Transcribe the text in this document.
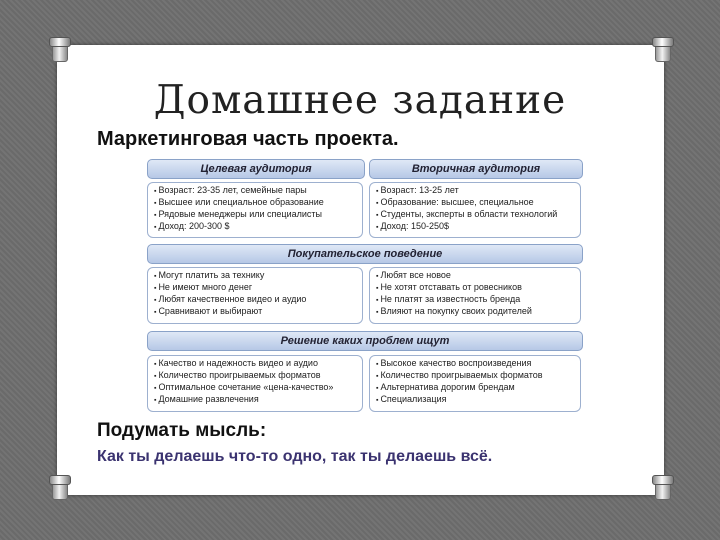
Домашнее задание
Маркетинговая часть проекта.
Целевая аудитория	Вторичная аудитория
▪ Возраст: 23-35 лет, семейные пары
▪ Высшее или специальное образование
▪ Рядовые менеджеры или специалисты
▪ Доход: 200-300 $
▪ Возраст: 13-25 лет
▪ Образование: высшее, специальное
▪ Студенты, эксперты в области технологий
▪ Доход: 150-250$
Покупательское поведение
▪ Могут платить за технику
▪ Не имеют много денег
▪ Любят качественное видео и аудио
▪ Сравнивают и выбирают
▪ Любят все новое
▪ Не хотят отставать от ровесников
▪ Не платят за известность бренда
▪ Влияют на покупку своих родителей
Решение каких проблем ищут
▪ Качество и надежность видео и аудио
▪ Количество проигрываемых форматов
▪ Оптимальное сочетание «цена-качество»
▪ Домашние развлечения
▪ Высокое качество воспроизведения
▪ Количество проигрываемых форматов
▪ Альтернатива дорогим брендам
▪ Специализация
Подумать мысль:
Как ты делаешь что-то одно, так ты делаешь всё.
